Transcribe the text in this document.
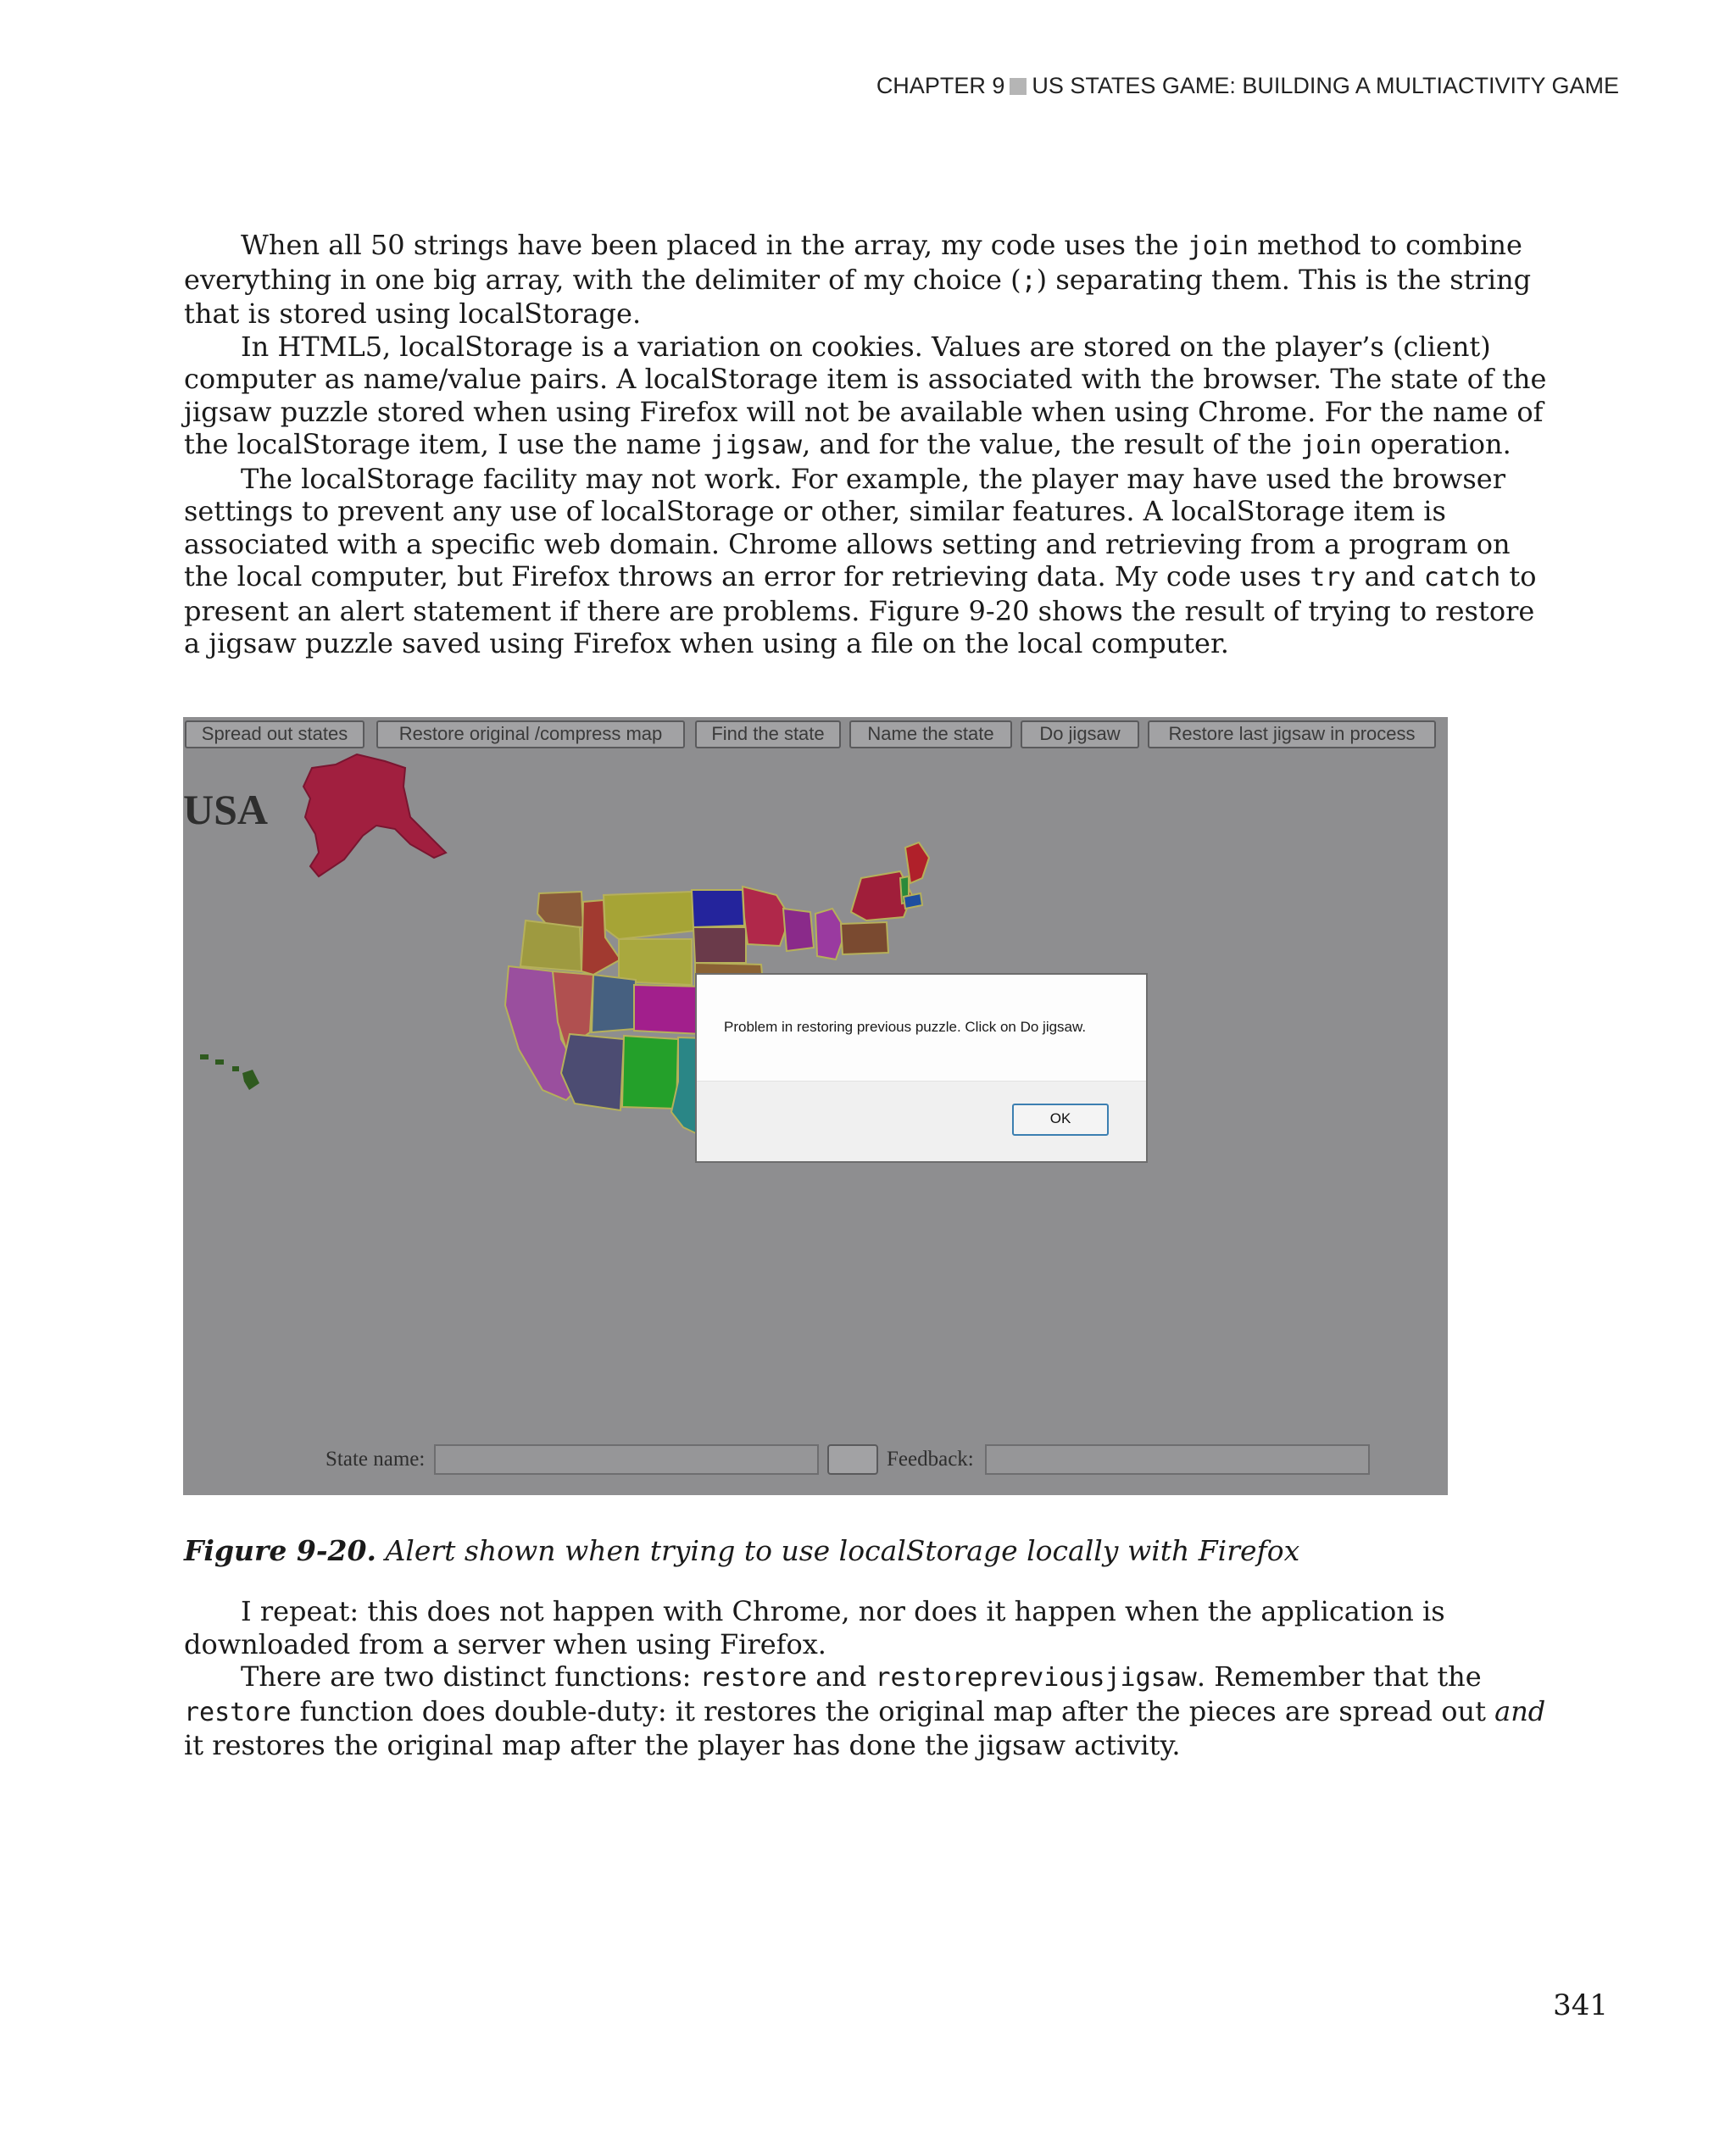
CHAPTER 9 US STATES GAME: BUILDING A MULTIACTIVITY GAME

When all 50 strings have been placed in the array, my code uses the join method to combine everything in one big array, with the delimiter of my choice (;) separating them. This is the string that is stored using localStorage.

In HTML5, localStorage is a variation on cookies. Values are stored on the player’s (client) computer as name/value pairs. A localStorage item is associated with the browser. The state of the jigsaw puzzle stored when using Firefox will not be available when using Chrome. For the name of the localStorage item, I use the name jigsaw, and for the value, the result of the join operation.

The localStorage facility may not work. For example, the player may have used the browser settings to prevent any use of localStorage or other, similar features. A localStorage item is associated with a specific web domain. Chrome allows setting and retrieving from a program on the local computer, but Firefox throws an error for retrieving data. My code uses try and catch to present an alert statement if there are problems. Figure 9-20 shows the result of trying to restore a jigsaw puzzle saved using Firefox when using a file on the local computer.

Spread out states	Restore original /compress map	Find the state	Name the state	Do jigsaw	Restore last jigsaw in process
USA
Problem in restoring previous puzzle. Click on Do jigsaw.
OK
State name:	Feedback:
Figure 9-20. Alert shown when trying to use localStorage locally with Firefox

I repeat: this does not happen with Chrome, nor does it happen when the application is downloaded from a server when using Firefox.

There are two distinct functions: restore and restorepreviousjigsaw. Remember that the restore function does double-duty: it restores the original map after the pieces are spread out and it restores the original map after the player has done the jigsaw activity.

341
